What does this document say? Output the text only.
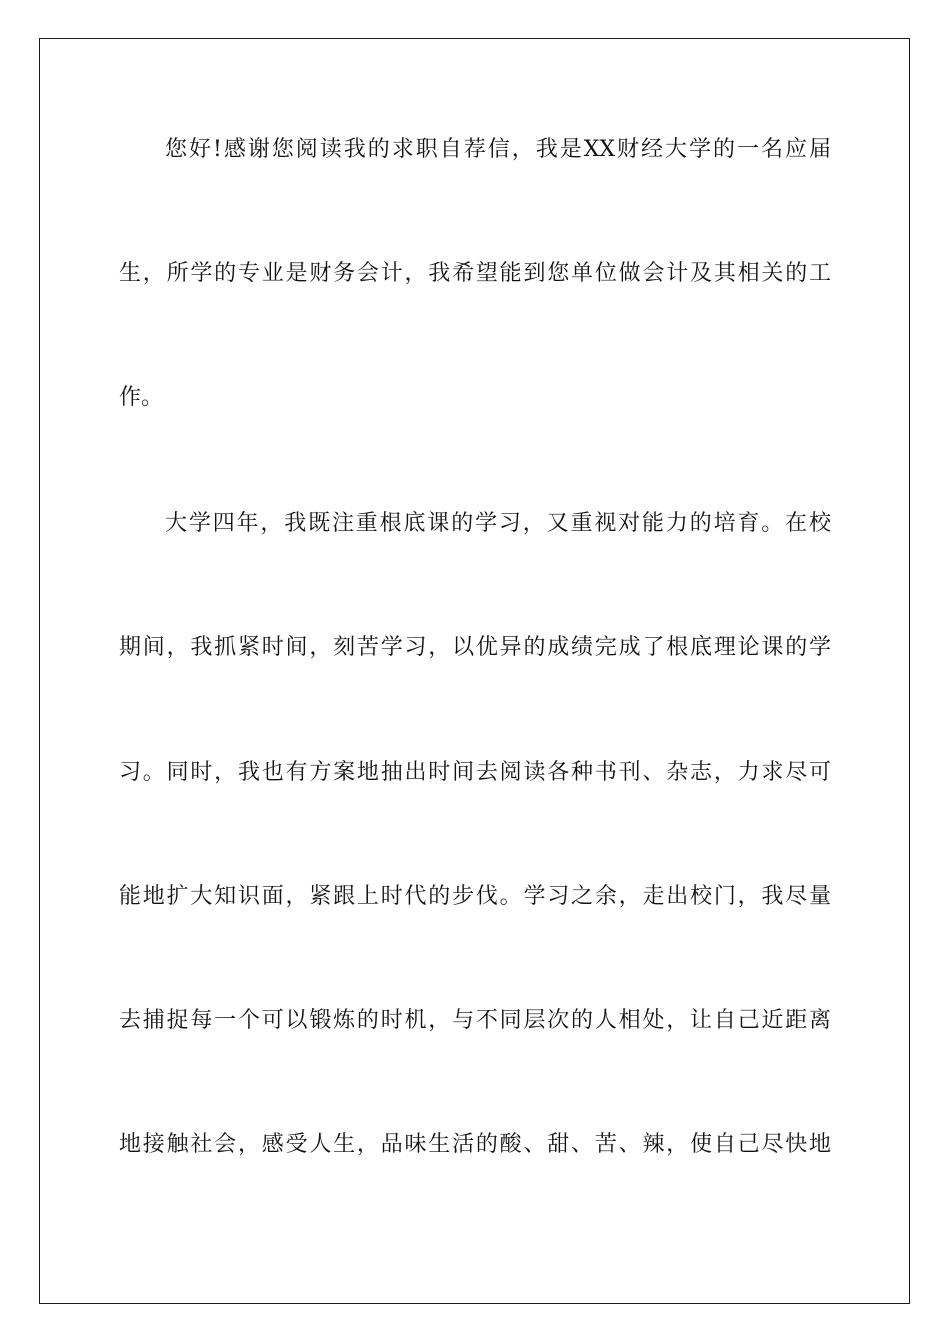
您好!感谢您阅读我的求职自荐信，我是XX财经大学的一名应届
生，所学的专业是财务会计，我希望能到您单位做会计及其相关的工
作。
大学四年，我既注重根底课的学习，又重视对能力的培育。在校
期间，我抓紧时间，刻苦学习，以优异的成绩完成了根底理论课的学
习。同时，我也有方案地抽出时间去阅读各种书刊、杂志，力求尽可
能地扩大知识面，紧跟上时代的步伐。学习之余，走出校门，我尽量
去捕捉每一个可以锻炼的时机，与不同层次的人相处，让自己近距离
地接触社会，感受人生，品味生活的酸、甜、苦、辣，使自己尽快地
